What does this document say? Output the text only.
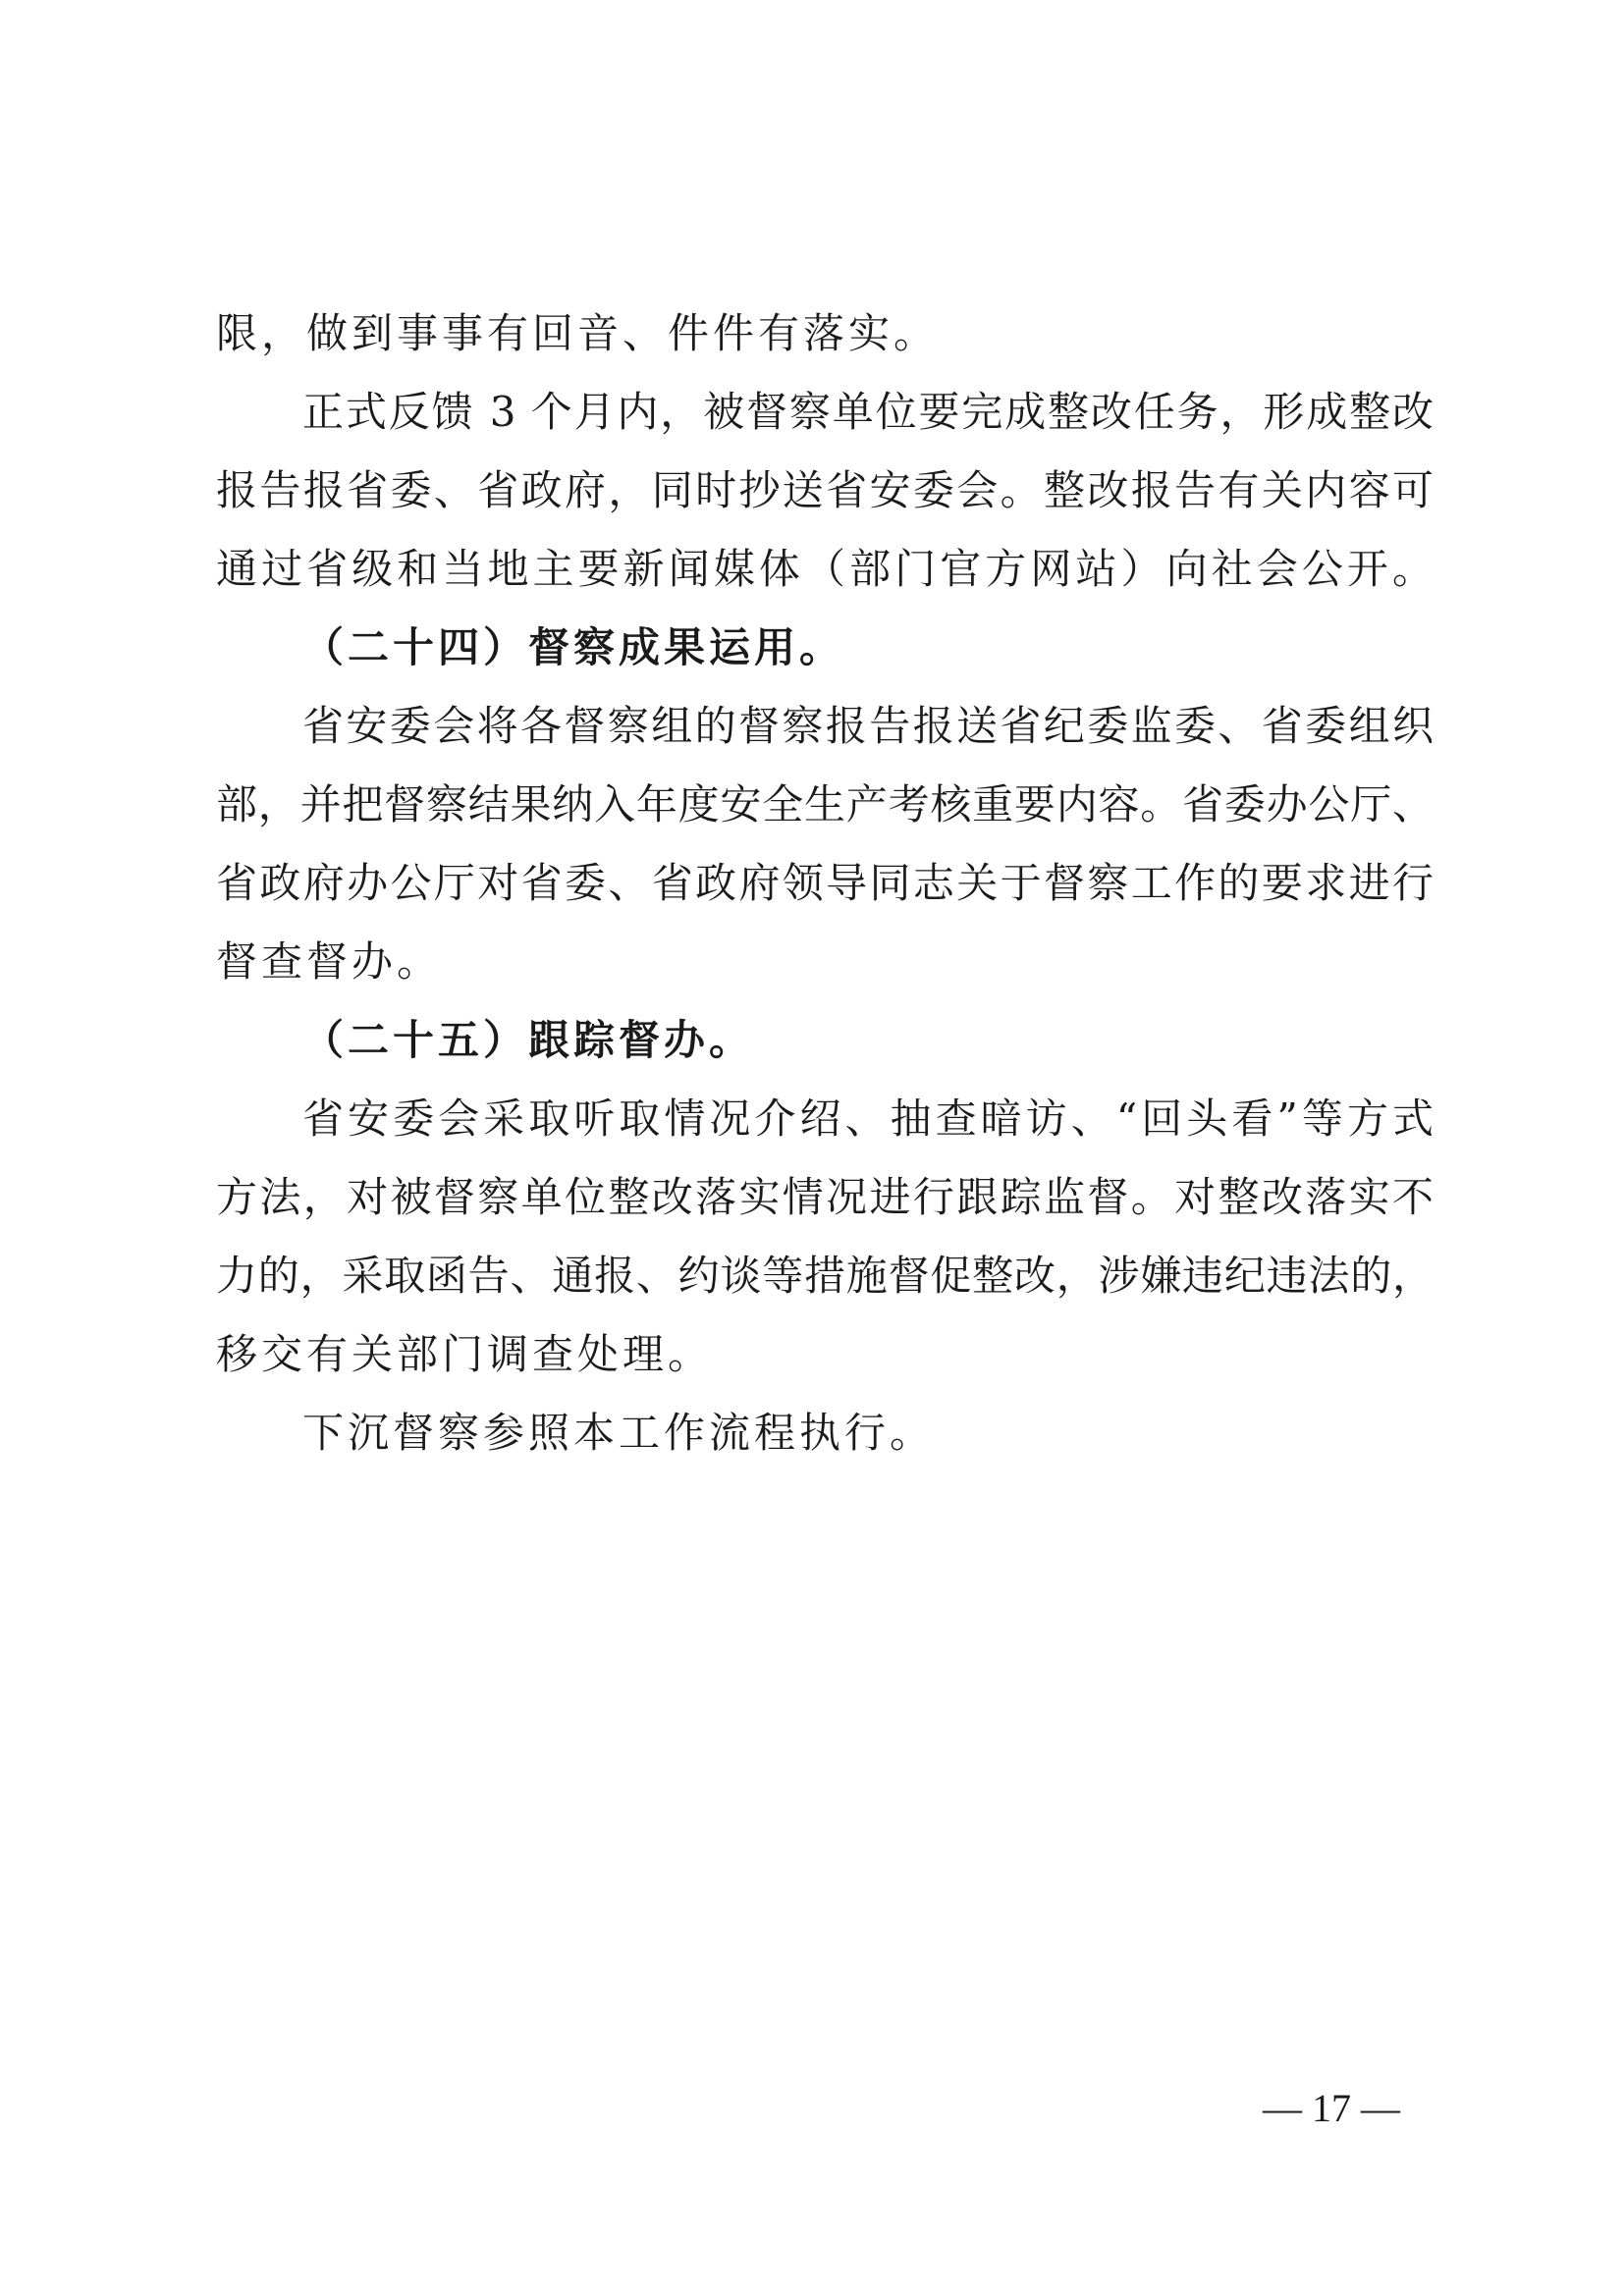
限，做到事事有回音、件件有落实。
正式反馈 3 个月内，被督察单位要完成整改任务，形成整改
报告报省委、省政府，同时抄送省安委会。整改报告有关内容可
通过省级和当地主要新闻媒体（部门官方网站）向社会公开。
（二十四）督察成果运用。
省安委会将各督察组的督察报告报送省纪委监委、省委组织
部，并把督察结果纳入年度安全生产考核重要内容。省委办公厅、
省政府办公厅对省委、省政府领导同志关于督察工作的要求进行
督查督办。
（二十五）跟踪督办。
省安委会采取听取情况介绍、抽查暗访、“回头看”等方式
方法，对被督察单位整改落实情况进行跟踪监督。对整改落实不
力的，采取函告、通报、约谈等措施督促整改，涉嫌违纪违法的，
移交有关部门调查处理。
下沉督察参照本工作流程执行。
— 17 —
